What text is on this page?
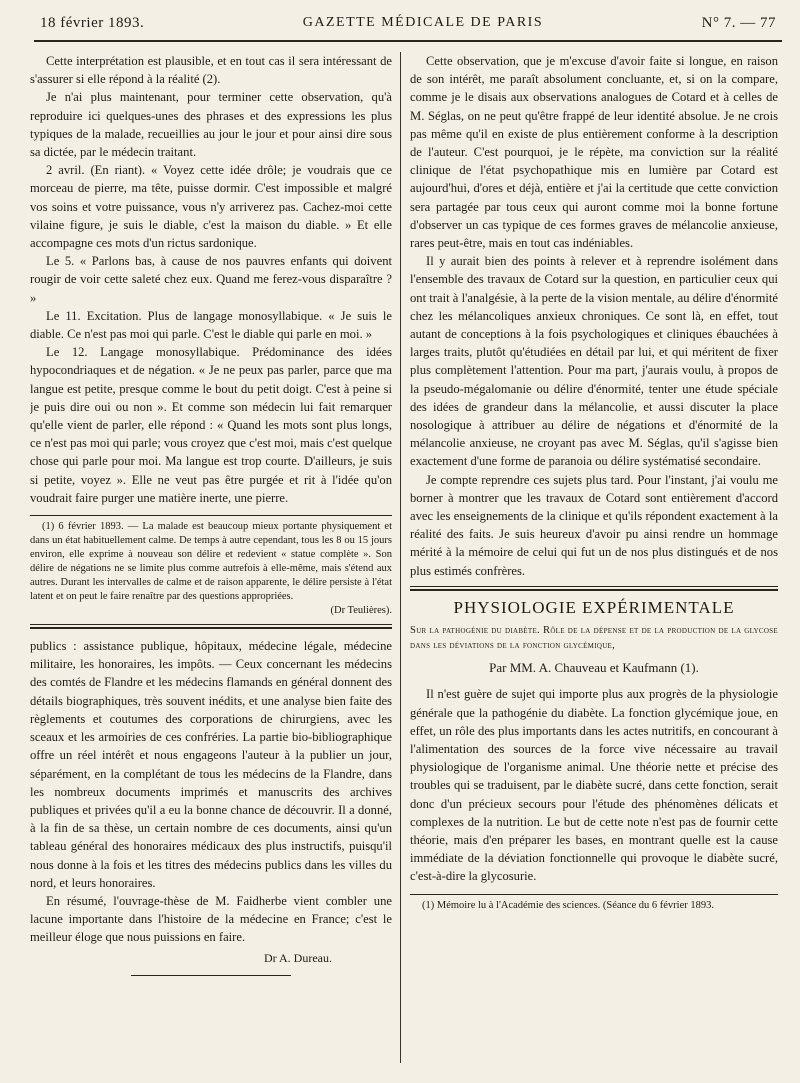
18 février 1893.	GAZETTE MÉDICALE DE PARIS	N° 7. — 77

Cette interprétation est plausible, et en tout cas il sera intéressant de s'assurer si elle répond à la réalité (2).

Je n'ai plus maintenant, pour terminer cette observation, qu'à reproduire ici quelques-unes des phrases et des expressions les plus typiques de la malade, recueillies au jour le jour et pour ainsi dire sous sa dictée, par le médecin traitant.

2 avril. (En riant). « Voyez cette idée drôle; je voudrais que ce morceau de pierre, ma tête, puisse dormir. C'est impossible et malgré vos soins et votre puissance, vous n'y arriverez pas. Cachez-moi cette vilaine figure, je suis le diable, c'est la maison du diable. » Et elle accompagne ces mots d'un rictus sardonique.

Le 5. « Parlons bas, à cause de nos pauvres enfants qui doivent rougir de voir cette saleté chez eux. Quand me ferez-vous disparaître ? »

Le 11. Excitation. Plus de langage monosyllabique. « Je suis le diable. Ce n'est pas moi qui parle. C'est le diable qui parle en moi. »

Le 12. Langage monosyllabique. Prédominance des idées hypocondriaques et de négation. « Je ne peux pas parler, parce que ma langue est petite, presque comme le bout du petit doigt. C'est à peine si je puis dire oui ou non ». Et comme son médecin lui fait remarquer qu'elle vient de parler, elle répond : « Quand les mots sont plus longs, ce n'est pas moi qui parle; vous croyez que c'est moi, mais c'est quelque chose qui parle pour moi. Ma langue est trop courte. D'ailleurs, je suis si petite, voyez ». Elle ne veut pas être purgée et rit à l'idée qu'on voudrait faire purger une matière inerte, une pierre.

(1) 6 février 1893. — La malade est beaucoup mieux portante physiquement et dans un état habituellement calme. De temps à autre cependant, tous les 8 ou 15 jours environ, elle exprime à nouveau son délire et redevient « statue complète ». Son délire de négations ne se limite plus comme autrefois à elle-même, mais s'étend aux autres. Durant les intervalles de calme et de raison apparente, le délire persiste à l'état latent et on peut le faire renaître par des questions appropriées.
(Dr Teulières).

publics : assistance publique, hôpitaux, médecine légale, médecine militaire, les honoraires, les impôts. — Ceux concernant les médecins des comtés de Flandre et les médecins flamands en général donnent des détails biographiques, très souvent inédits, et une analyse bien faite des règlements et coutumes des corporations de chirurgiens, avec les sceaux et les armoiries de ces confréries. La partie bio-bibliographique offre un réel intérêt et nous engageons l'auteur à la publier un jour, séparément, en la complétant de tous les médecins de la Flandre, dans les nombreux documents imprimés et manuscrits des archives publiques et privées qu'il a eu la bonne chance de découvrir. Il a donné, à la fin de sa thèse, un certain nombre de ces documents, ainsi qu'un tableau général des honoraires médicaux des plus instructifs, puisqu'il nous donne à la fois et les titres des médecins publics dans les villes du nord, et leurs honoraires.

En résumé, l'ouvrage-thèse de M. Faidherbe vient combler une lacune importante dans l'histoire de la médecine en France; c'est le meilleur éloge que nous puissions en faire.

Dr A. Dureau.

Cette observation, que je m'excuse d'avoir faite si longue, en raison de son intérêt, me paraît absolument concluante, et, si on la compare, comme je le disais aux observations analogues de Cotard et à celles de M. Séglas, on ne peut qu'être frappé de leur identité absolue. Je ne crois pas même qu'il en existe de plus entièrement conforme à la description de l'auteur. C'est pourquoi, je le répète, ma conviction sur la réalité clinique de l'état psychopathique mis en lumière par Cotard est aujourd'hui, d'ores et déjà, entière et j'ai la certitude que cette conviction sera partagée par tous ceux qui auront comme moi la bonne fortune d'observer un cas typique de ces formes graves de mélancolie anxieuse, rares peut-être, mais en tout cas indéniables.

Il y aurait bien des points à relever et à reprendre isolément dans l'ensemble des travaux de Cotard sur la question, en particulier ceux qui ont trait à l'analgésie, à la perte de la vision mentale, au délire d'énormité chez les mélancoliques anxieux chroniques. Ce sont là, en effet, tout autant de conceptions à la fois psychologiques et cliniques ébauchées à larges traits, plutôt qu'étudiées en détail par lui, et qui méritent de fixer plus complètement l'attention. Pour ma part, j'aurais voulu, à propos de la pseudo-mégalomanie ou délire d'énormité, tenter une étude spéciale des idées de grandeur dans la mélancolie, et aussi discuter la place nosologique à attribuer au délire de négations et d'énormité de la mélancolie anxieuse, ne croyant pas avec M. Séglas, qu'il s'agisse bien exactement d'une forme de paranoia ou délire systématisé secondaire.

Je compte reprendre ces sujets plus tard. Pour l'instant, j'ai voulu me borner à montrer que les travaux de Cotard sont entièrement d'accord avec les enseignements de la clinique et qu'ils répondent exactement à la réalité des faits. Je suis heureux d'avoir pu ainsi rendre un hommage mérité à la mémoire de celui qui fut un de nos plus distingués et de nos plus estimés confrères.

PHYSIOLOGIE EXPÉRIMENTALE

Sur la pathogénie du diabète. Rôle de la dépense et de la production de la glycose dans les déviations de la fonction glycémique,

Par MM. A. Chauveau et Kaufmann (1).

Il n'est guère de sujet qui importe plus aux progrès de la physiologie générale que la pathogénie du diabète. La fonction glycémique joue, en effet, un rôle des plus importants dans les actes nutritifs, en concourant à l'alimentation des sources de la force vive nécessaire au travail physiologique de l'organisme animal. Une théorie nette et précise des troubles qui se traduisent, par le diabète sucré, dans cette fonction, serait donc d'un précieux secours pour l'étude des phénomènes délicats et complexes de la nutrition. Le but de cette note n'est pas de fournir cette théorie, mais d'en préparer les bases, en montrant quelle est la cause immédiate de la déviation fonctionnelle qui provoque le diabète sucré, c'est-à-dire la glycosurie.

(1) Mémoire lu à l'Académie des sciences. (Séance du 6 février 1893.
